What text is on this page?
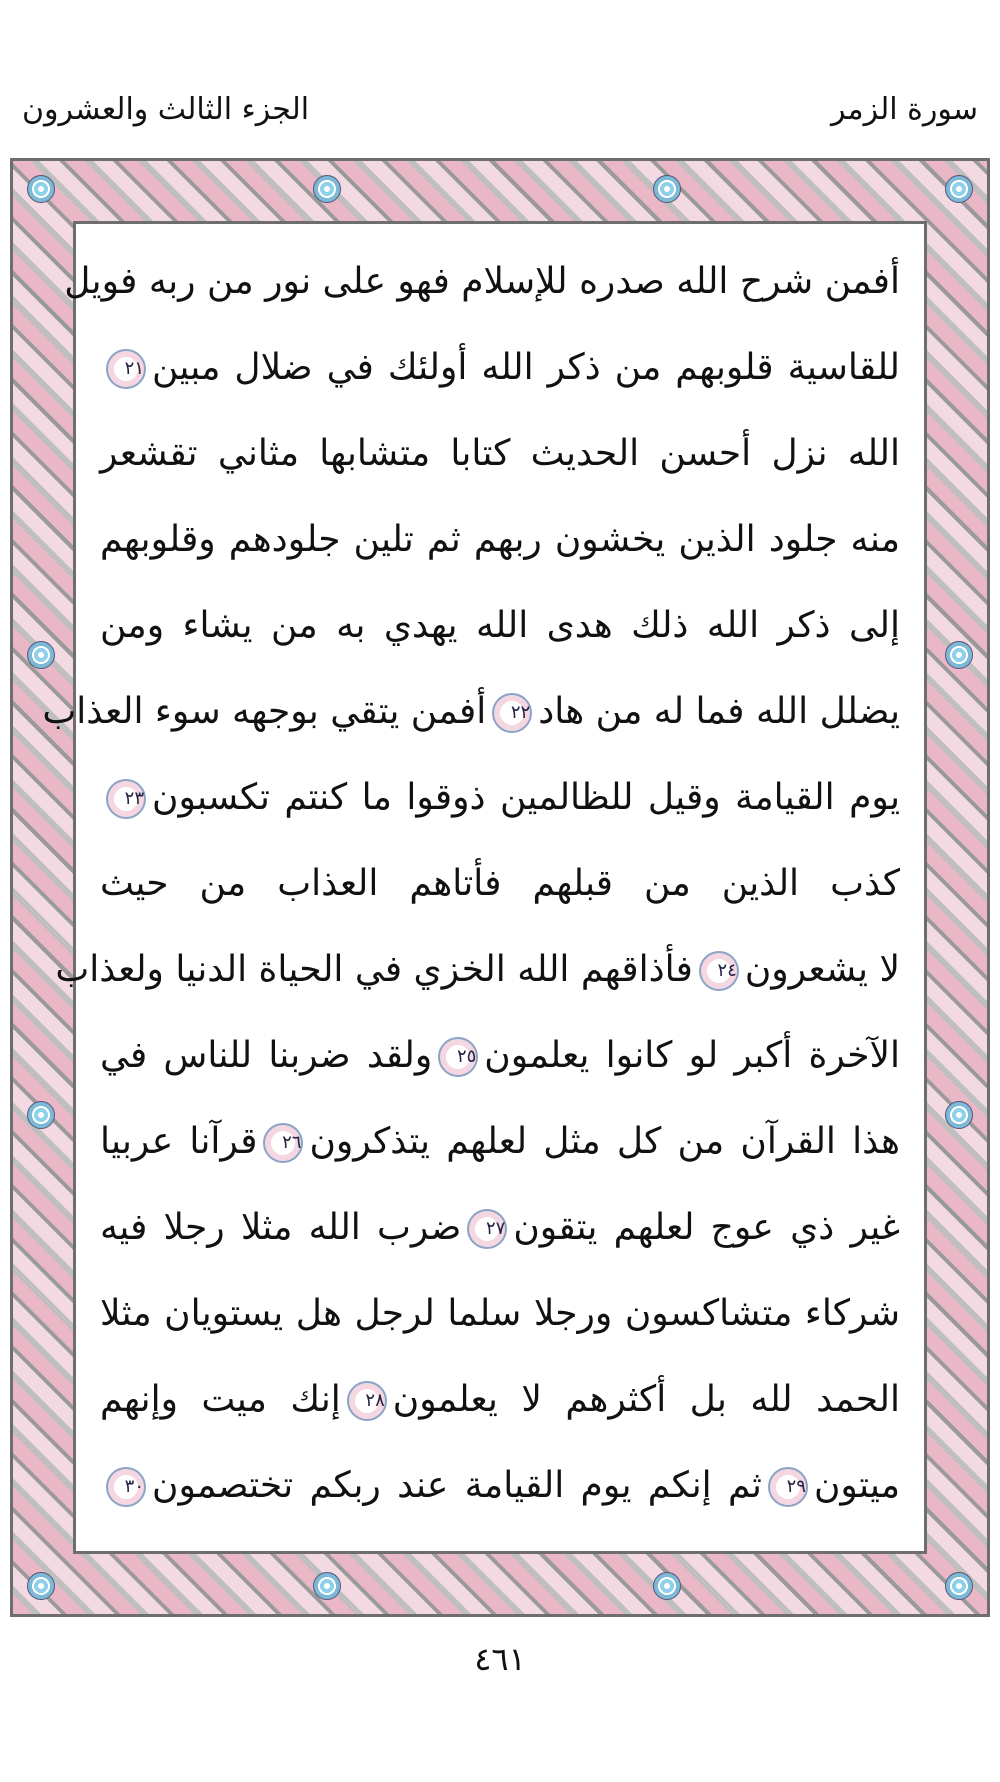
الجزء الثالث والعشرون	سورة الزمر
أفمن شرح الله صدره للإسلام فهو على نور من ربه فويل
للقاسية قلوبهم من ذكر الله أولئك في ضلال مبين٢١
الله نزل أحسن الحديث كتابا متشابها مثاني تقشعر
منه جلود الذين يخشون ربهم ثم تلين جلودهم وقلوبهم
إلى ذكر الله ذلك هدى الله يهدي به من يشاء ومن
يضلل الله فما له من هاد٢٢أفمن يتقي بوجهه سوء العذاب
يوم القيامة وقيل للظالمين ذوقوا ما كنتم تكسبون٢٣
كذب الذين من قبلهم فأتاهم العذاب من حيث
لا يشعرون٢٤فأذاقهم الله الخزي في الحياة الدنيا ولعذاب
الآخرة أكبر لو كانوا يعلمون٢٥ولقد ضربنا للناس في
هذا القرآن من كل مثل لعلهم يتذكرون٢٦قرآنا عربيا
غير ذي عوج لعلهم يتقون٢٧ضرب الله مثلا رجلا فيه
شركاء متشاكسون ورجلا سلما لرجل هل يستويان مثلا
الحمد لله بل أكثرهم لا يعلمون٢٨إنك ميت وإنهم
ميتون٢٩ثم إنكم يوم القيامة عند ربكم تختصمون٣٠
٤٦١
